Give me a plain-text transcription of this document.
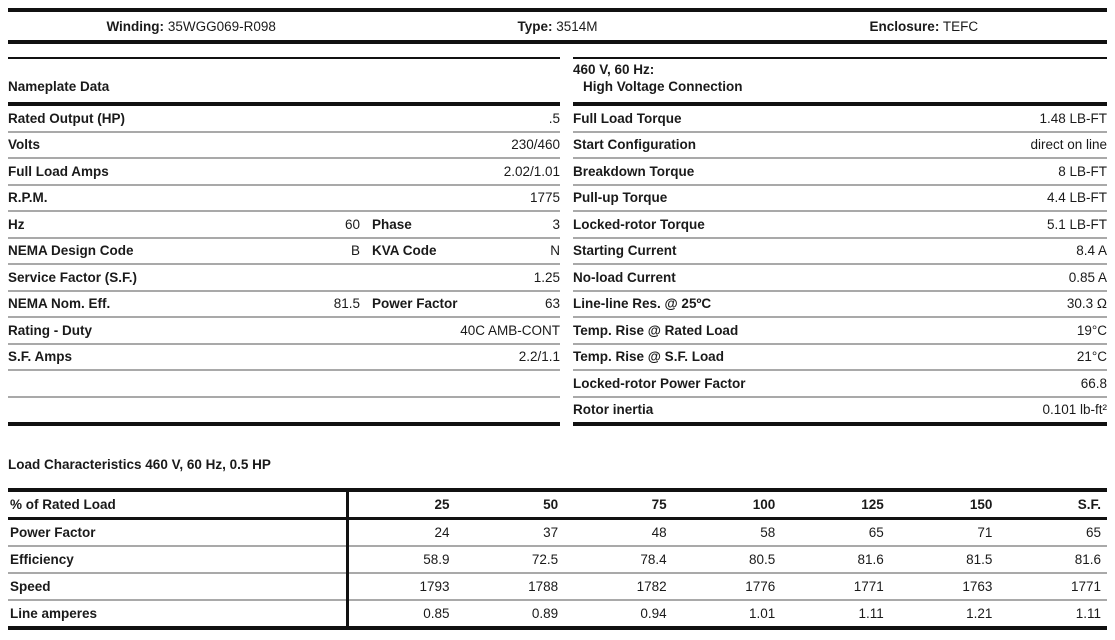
Winding: 35WGG069-R098	Type: 3514M	Enclosure: TEFC
Nameplate Data
Rated Output (HP)	.5
Volts	230/460
Full Load Amps	2.02/1.01
R.P.M.	1775
Hz	60 Phase	3
NEMA Design Code	B KVA Code	N
Service Factor (S.F.)	1.25
NEMA Nom. Eff.	81.5 Power Factor	63
Rating - Duty	40C AMB-CONT
S.F. Amps	2.2/1.1
460 V, 60 Hz:
High Voltage Connection
Full Load Torque	1.48 LB-FT
Start Configuration	direct on line
Breakdown Torque	8 LB-FT
Pull-up Torque	4.4 LB-FT
Locked-rotor Torque	5.1 LB-FT
Starting Current	8.4 A
No-load Current	0.85 A
Line-line Res. @ 25ºC	30.3 Ω
Temp. Rise @ Rated Load	19°C
Temp. Rise @ S.F. Load	21°C
Locked-rotor Power Factor	66.8
Rotor inertia	0.101 lb-ft²
Load Characteristics 460 V, 60 Hz, 0.5 HP
% of Rated Load	25	50	75	100	125	150	S.F.
Power Factor	24	37	48	58	65	71	65
Efficiency	58.9	72.5	78.4	80.5	81.6	81.5	81.6
Speed	1793	1788	1782	1776	1771	1763	1771
Line amperes	0.85	0.89	0.94	1.01	1.11	1.21	1.11
